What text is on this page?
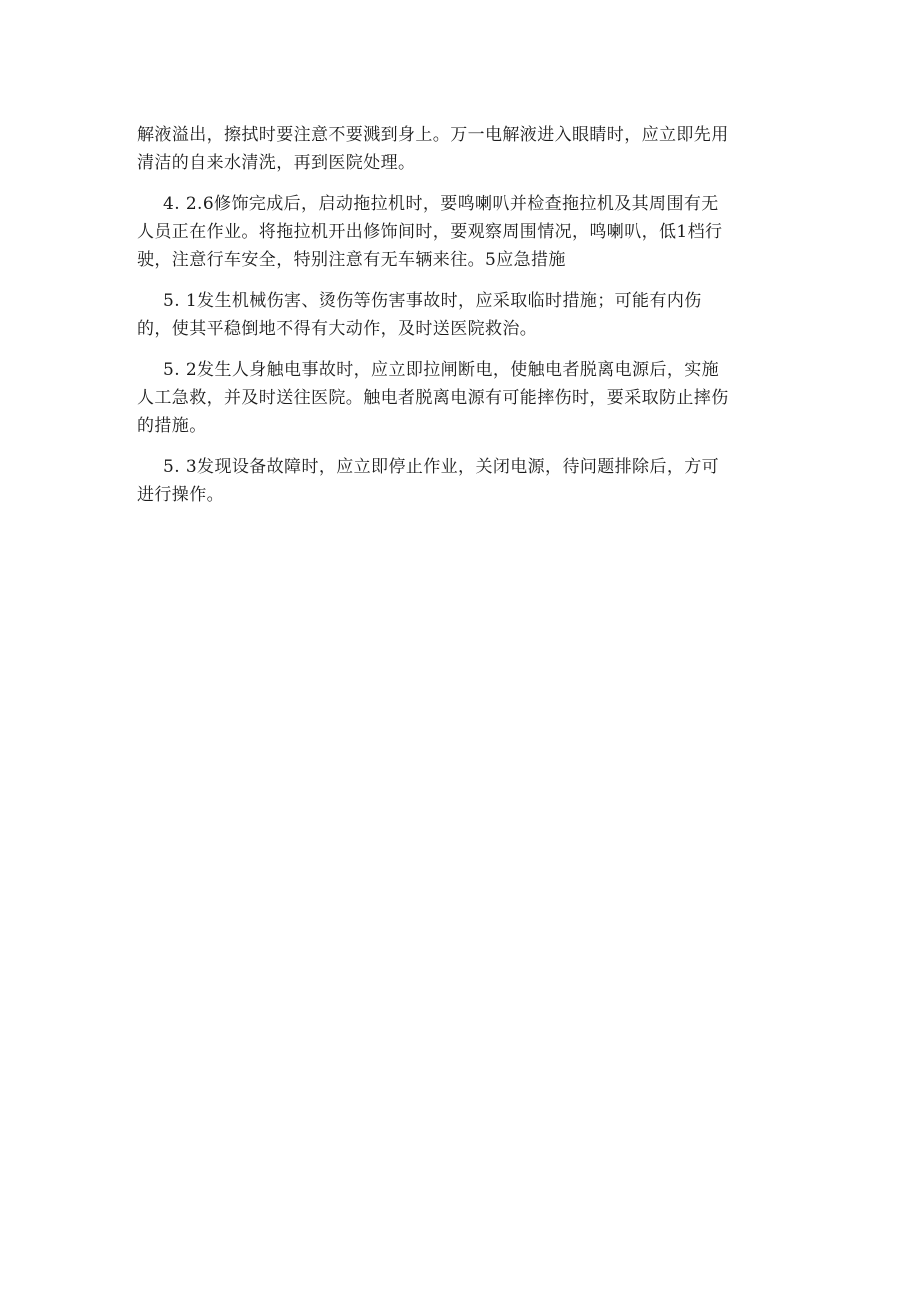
解液溢出，擦拭时要注意不要溅到身上。万一电解液进入眼睛时，应立即先用
清洁的自来水清洗，再到医院处理。
4. 2.6修饰完成后，启动拖拉机时，要鸣喇叭并检查拖拉机及其周围有无
人员正在作业。将拖拉机开出修饰间时，要观察周围情况，鸣喇叭，低1档行
驶，注意行车安全，特别注意有无车辆来往。5应急措施
5. 1发生机械伤害、烫伤等伤害事故时，应采取临时措施；可能有内伤
的，使其平稳倒地不得有大动作，及时送医院救治。
5. 2发生人身触电事故时，应立即拉闸断电，使触电者脱离电源后，实施
人工急救，并及时送往医院。触电者脱离电源有可能摔伤时，要采取防止摔伤
的措施。
5. 3发现设备故障时，应立即停止作业，关闭电源，待问题排除后，方可
进行操作。
